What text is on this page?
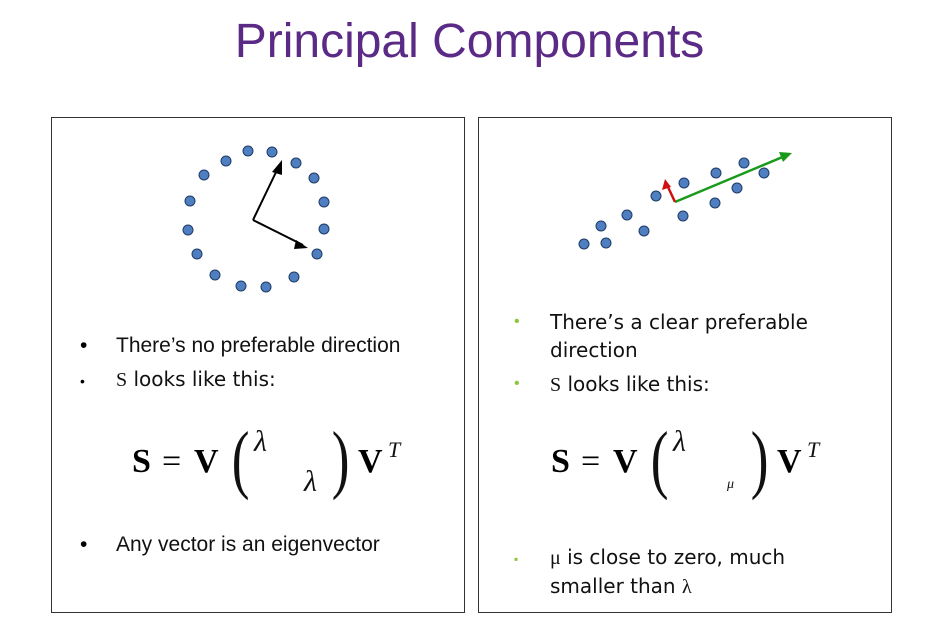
Principal Components
• There’s no preferable direction
• S looks like this:
S = V ( λ
λ ) V T
• Any vector is an eigenvector
• There’s a clear preferable
direction
• S looks like this:
S = V ( λ
μ ) V T
▪ μ is close to zero, much
smaller than λ
